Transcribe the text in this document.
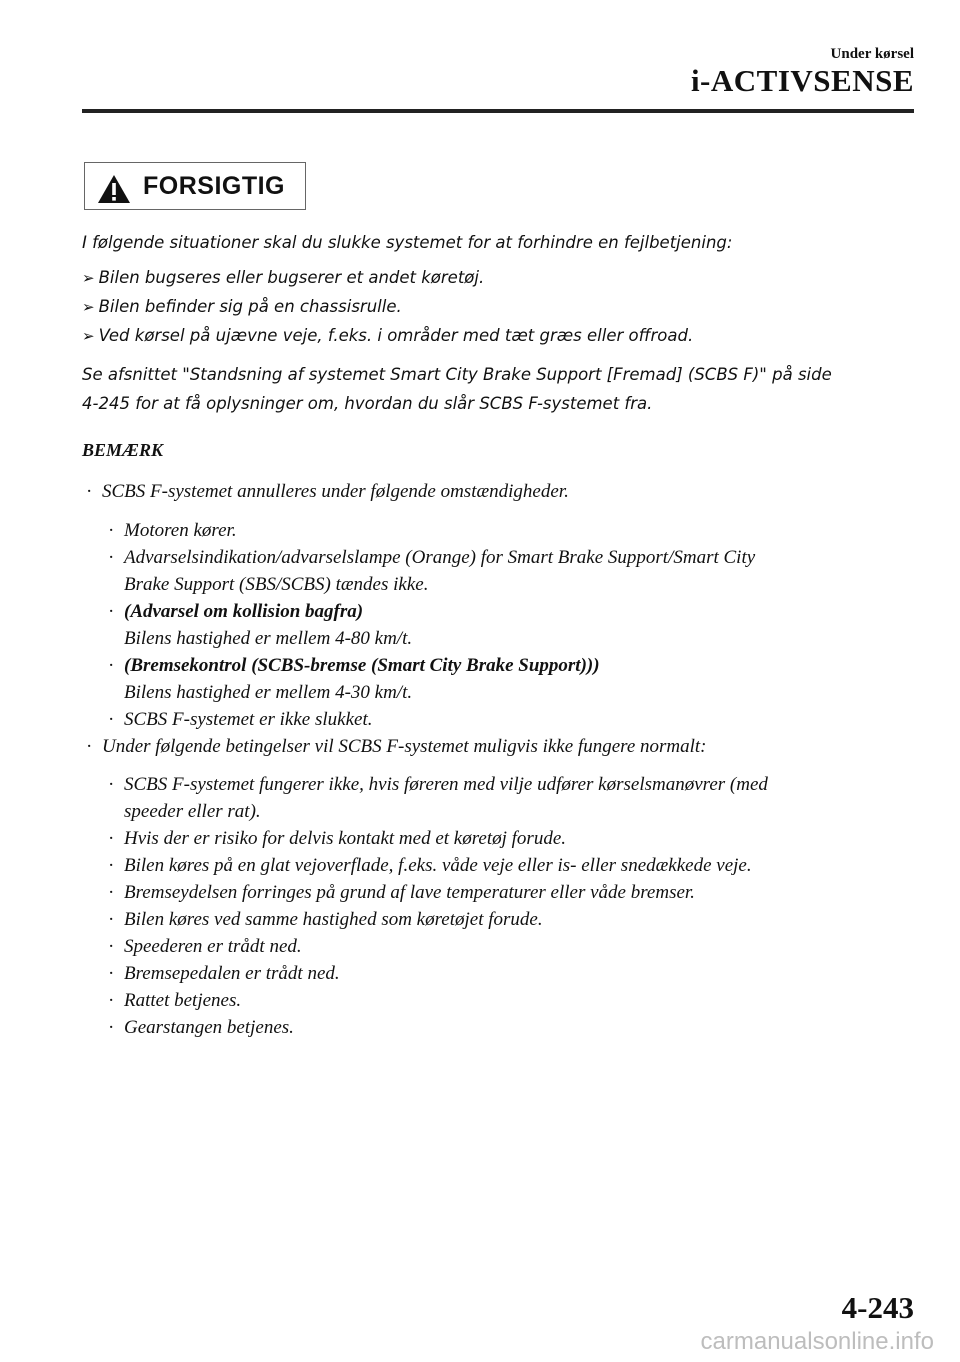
Under kørsel
i-ACTIVSENSE
FORSIGTIG
I følgende situationer skal du slukke systemet for at forhindre en fejlbetjening:
➢ Bilen bugseres eller bugserer et andet køretøj.
➢ Bilen befinder sig på en chassisrulle.
➢ Ved kørsel på ujævne veje, f.eks. i områder med tæt græs eller offroad.
Se afsnittet "Standsning af systemet Smart City Brake Support [Fremad] (SCBS F)" på side
4-245 for at få oplysninger om, hvordan du slår SCBS F-systemet fra.
BEMÆRK
· SCBS F-systemet annulleres under følgende omstændigheder.
· Motoren kører.
· Advarselsindikation/advarselslampe (Orange) for Smart Brake Support/Smart City
Brake Support (SBS/SCBS) tændes ikke.
· (Advarsel om kollision bagfra)
Bilens hastighed er mellem 4-80 km/t.
· (Bremsekontrol (SCBS-bremse (Smart City Brake Support)))
Bilens hastighed er mellem 4-30 km/t.
· SCBS F-systemet er ikke slukket.
· Under følgende betingelser vil SCBS F-systemet muligvis ikke fungere normalt:
· SCBS F-systemet fungerer ikke, hvis føreren med vilje udfører kørselsmanøvrer (med
speeder eller rat).
· Hvis der er risiko for delvis kontakt med et køretøj forude.
· Bilen køres på en glat vejoverflade, f.eks. våde veje eller is- eller snedækkede veje.
· Bremseydelsen forringes på grund af lave temperaturer eller våde bremser.
· Bilen køres ved samme hastighed som køretøjet forude.
· Speederen er trådt ned.
· Bremsepedalen er trådt ned.
· Rattet betjenes.
· Gearstangen betjenes.
4-243
carmanualsonline.info
